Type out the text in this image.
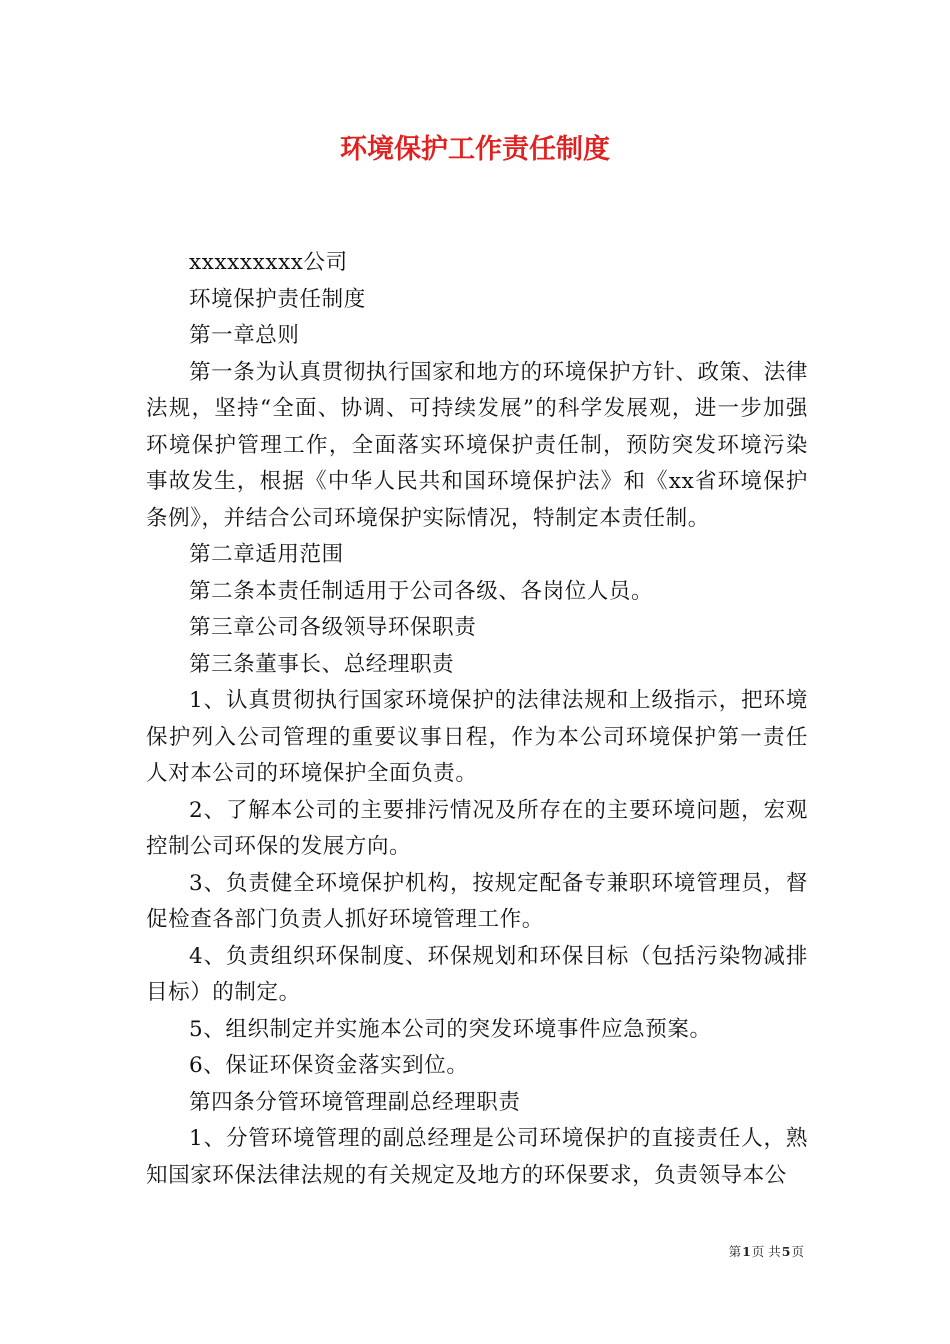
环境保护工作责任制度

xxxxxxxxx公司

环境保护责任制度

第一章总则

第一条为认真贯彻执行国家和地方的环境保护方针、政策、法律法规，坚持“全面、协调、可持续发展”的科学发展观，进一步加强环境保护管理工作，全面落实环境保护责任制，预防突发环境污染事故发生，根据《中华人民共和国环境保护法》和《xx省环境保护条例》，并结合公司环境保护实际情况，特制定本责任制。

第二章适用范围

第二条本责任制适用于公司各级、各岗位人员。

第三章公司各级领导环保职责

第三条董事长、总经理职责

1、认真贯彻执行国家环境保护的法律法规和上级指示，把环境保护列入公司管理的重要议事日程，作为本公司环境保护第一责任人对本公司的环境保护全面负责。

2、了解本公司的主要排污情况及所存在的主要环境问题，宏观控制公司环保的发展方向。

3、负责健全环境保护机构，按规定配备专兼职环境管理员，督促检查各部门负责人抓好环境管理工作。

4、负责组织环保制度、环保规划和环保目标（包括污染物减排目标）的制定。

5、组织制定并实施本公司的突发环境事件应急预案。

6、保证环保资金落实到位。

第四条分管环境管理副总经理职责

1、分管环境管理的副总经理是公司环境保护的直接责任人，熟知国家环保法律法规的有关规定及地方的环保要求，负责领导本公

第1页 共5页
